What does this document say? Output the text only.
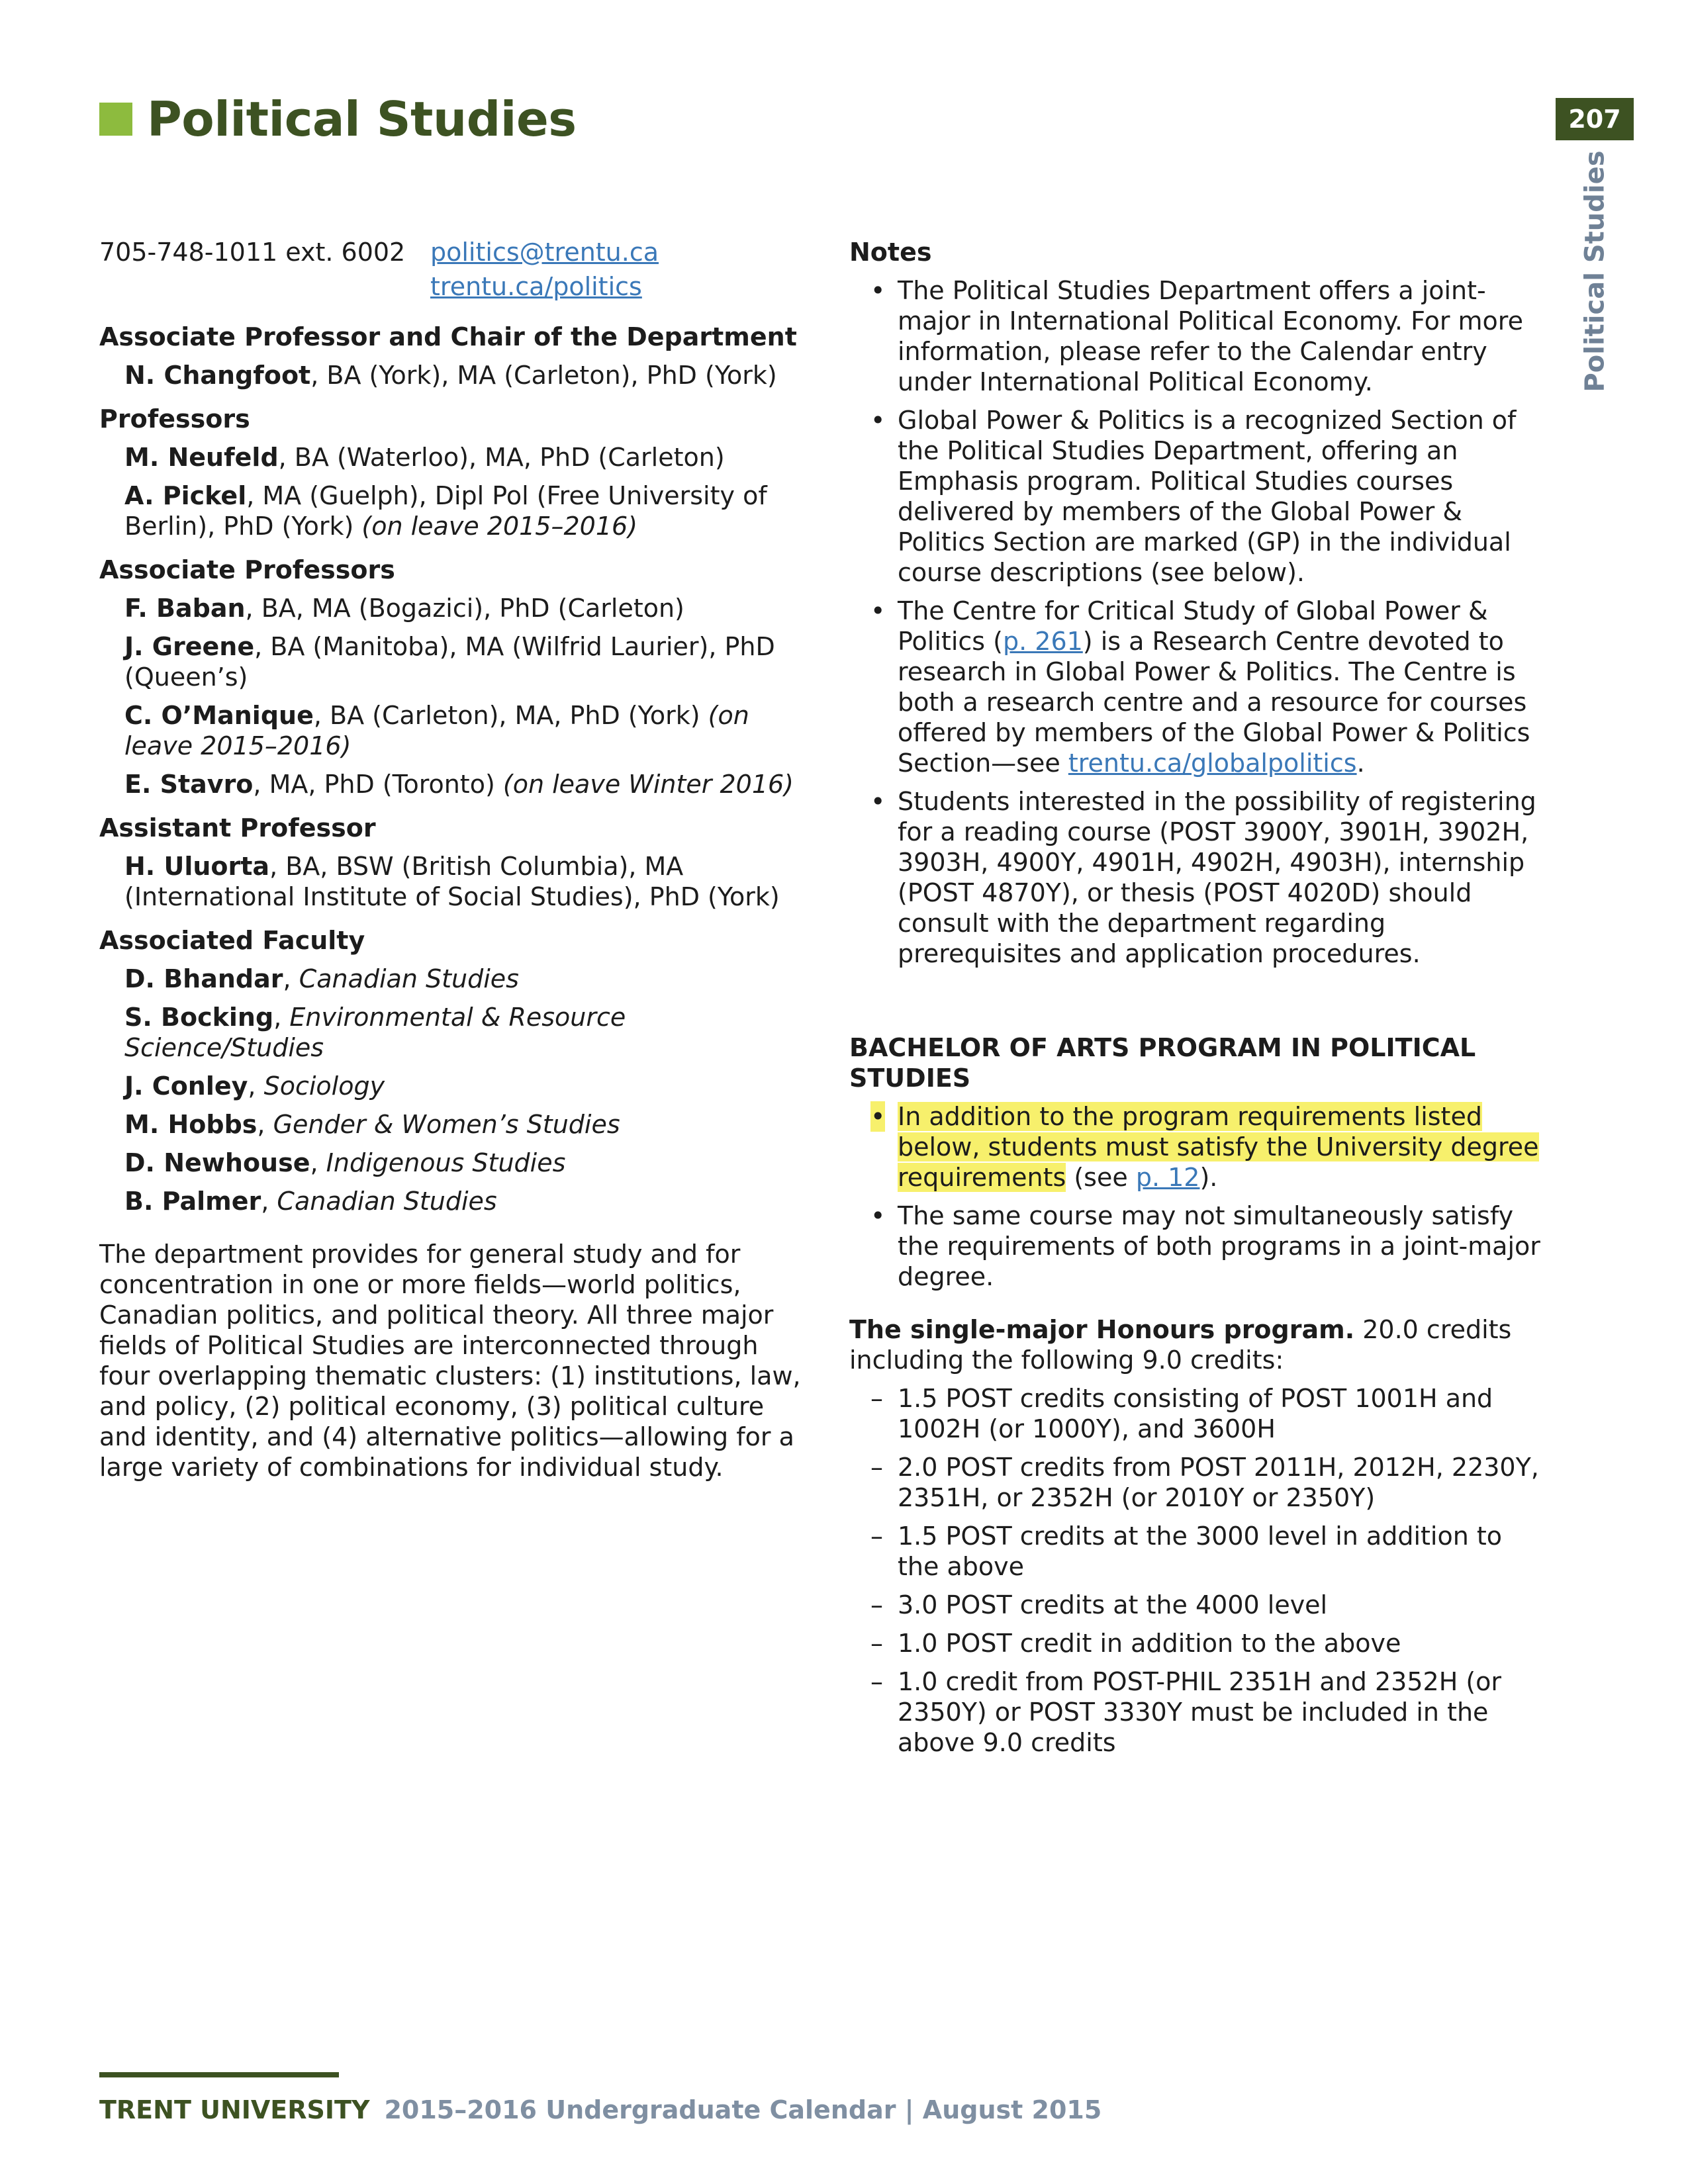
Political Studies	207
Political Studies
705-748-1011 ext. 6002 politics@trentu.ca
trentu.ca/politics
Associate Professor and Chair of the Department
N. Changfoot, BA (York), MA (Carleton), PhD (York)
Professors
M. Neufeld, BA (Waterloo), MA, PhD (Carleton)
A. Pickel, MA (Guelph), Dipl Pol (Free University of Berlin), PhD (York) (on leave 2015–2016)
Associate Professors
F. Baban, BA, MA (Bogazici), PhD (Carleton)
J. Greene, BA (Manitoba), MA (Wilfrid Laurier), PhD (Queen’s)
C. O’Manique, BA (Carleton), MA, PhD (York) (on leave 2015–2016)
E. Stavro, MA, PhD (Toronto) (on leave Winter 2016)
Assistant Professor
H. Uluorta, BA, BSW (British Columbia), MA (International Institute of Social Studies), PhD (York)
Associated Faculty
D. Bhandar, Canadian Studies
S. Bocking, Environmental & Resource Science/Studies
J. Conley, Sociology
M. Hobbs, Gender & Women’s Studies
D. Newhouse, Indigenous Studies
B. Palmer, Canadian Studies
The department provides for general study and for concentration in one or more fields—world politics, Canadian politics, and political theory. All three major fields of Political Studies are interconnected through four overlapping thematic clusters: (1) institutions, law, and policy, (2) political economy, (3) political culture and identity, and (4) alternative politics—allowing for a large variety of combinations for individual study.
Notes
• The Political Studies Department offers a joint-major in International Political Economy. For more information, please refer to the Calendar entry under International Political Economy.
• Global Power & Politics is a recognized Section of the Political Studies Department, offering an Emphasis program. Political Studies courses delivered by members of the Global Power & Politics Section are marked (GP) in the individual course descriptions (see below).
• The Centre for Critical Study of Global Power & Politics (p. 261) is a Research Centre devoted to research in Global Power & Politics. The Centre is both a research centre and a resource for courses offered by members of the Global Power & Politics Section—see trentu.ca/globalpolitics.
• Students interested in the possibility of registering for a reading course (POST 3900Y, 3901H, 3902H, 3903H, 4900Y, 4901H, 4902H, 4903H), internship (POST 4870Y), or thesis (POST 4020D) should consult with the department regarding prerequisites and application procedures.
BACHELOR OF ARTS PROGRAM IN POLITICAL STUDIES
• In addition to the program requirements listed below, students must satisfy the University degree requirements (see p. 12).
• The same course may not simultaneously satisfy the requirements of both programs in a joint-major degree.
The single-major Honours program. 20.0 credits including the following 9.0 credits:
– 1.5 POST credits consisting of POST 1001H and 1002H (or 1000Y), and 3600H
– 2.0 POST credits from POST 2011H, 2012H, 2230Y, 2351H, or 2352H (or 2010Y or 2350Y)
– 1.5 POST credits at the 3000 level in addition to the above
– 3.0 POST credits at the 4000 level
– 1.0 POST credit in addition to the above
– 1.0 credit from POST-PHIL 2351H and 2352H (or 2350Y) or POST 3330Y must be included in the above 9.0 credits
TRENT UNIVERSITY 2015–2016 Undergraduate Calendar | August 2015
